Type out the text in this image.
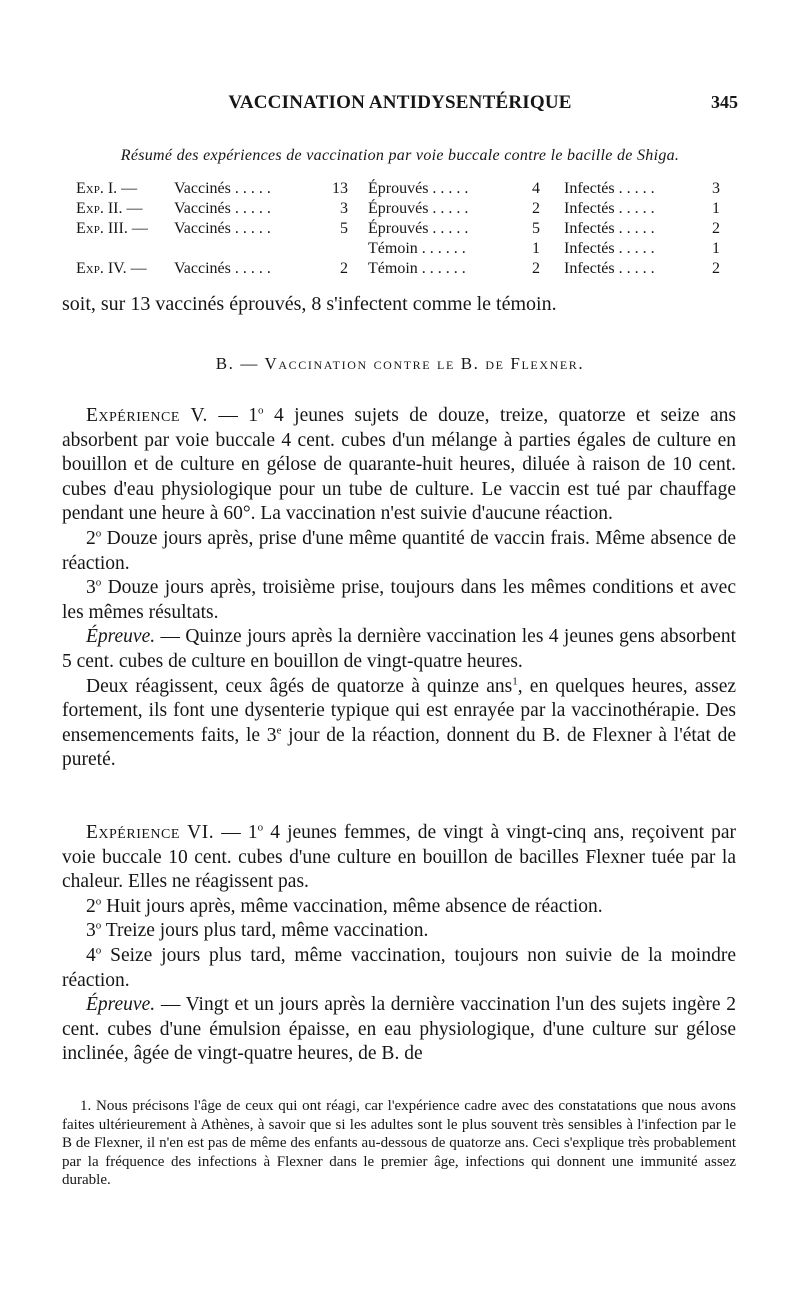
VACCINATION ANTIDYSENTÉRIQUE	345
Résumé des expériences de vaccination par voie buccale contre le bacille de Shiga.
Exp. I. — Vaccinés . . . . .	13 Éprouvés . . . . .	4 Infectés . . . . .	3
Exp. II. — Vaccinés . . . . .	3 Éprouvés . . . . .	2 Infectés . . . . .	1
Exp. III. — Vaccinés . . . . .	5 Éprouvés . . . . .	5 Infectés . . . . .	2
Témoin . . . . . .	1 Infectés . . . . .	1
Exp. IV. — Vaccinés . . . . .	2 Témoin . . . . . .	2 Infectés . . . . .	2
soit, sur 13 vaccinés éprouvés, 8 s'infectent comme le témoin.
B. — Vaccination contre le B. de Flexner.

Expérience V. — 1$^o$ 4 jeunes sujets de douze, treize, quatorze et seize ans absorbent par voie buccale 4 cent. cubes d'un mélange à parties égales de culture en bouillon et de culture en gélose de quarante-huit heures, diluée à raison de 10 cent. cubes d'eau physiologique pour un tube de culture. Le vaccin est tué par chauffage pendant une heure à 60°. La vaccination n'est suivie d'aucune réaction.

2$^o$ Douze jours après, prise d'une même quantité de vaccin frais. Même absence de réaction.

3$^o$ Douze jours après, troisième prise, toujours dans les mêmes conditions et avec les mêmes résultats.

Épreuve. — Quinze jours après la dernière vaccination les 4 jeunes gens absorbent 5 cent. cubes de culture en bouillon de vingt-quatre heures.

Deux réagissent, ceux âgés de quatorze à quinze ans$^1$, en quelques heures, assez fortement, ils font une dysenterie typique qui est enrayée par la vaccinothérapie. Des ensemencements faits, le 3e jour de la réaction, donnent du B. de Flexner à l'état de pureté.

Expérience VI. — 1$^o$ 4 jeunes femmes, de vingt à vingt-cinq ans, reçoivent par voie buccale 10 cent. cubes d'une culture en bouillon de bacilles Flexner tuée par la chaleur. Elles ne réagissent pas.

2$^o$ Huit jours après, même vaccination, même absence de réaction.

3$^o$ Treize jours plus tard, même vaccination.

4$^o$ Seize jours plus tard, même vaccination, toujours non suivie de la moindre réaction.

Épreuve. — Vingt et un jours après la dernière vaccination l'un des sujets ingère 2 cent. cubes d'une émulsion épaisse, en eau physiologique, d'une culture sur gélose inclinée, âgée de vingt-quatre heures, de B. de

1. Nous précisons l'âge de ceux qui ont réagi, car l'expérience cadre avec des constatations que nous avons faites ultérieurement à Athènes, à savoir que si les adultes sont le plus souvent très sensibles à l'infection par le B de Flexner, il n'en est pas de même des enfants au-dessous de quatorze ans. Ceci s'explique très probablement par la fréquence des infections à Flexner dans le premier âge, infections qui donnent une immunité assez durable.
